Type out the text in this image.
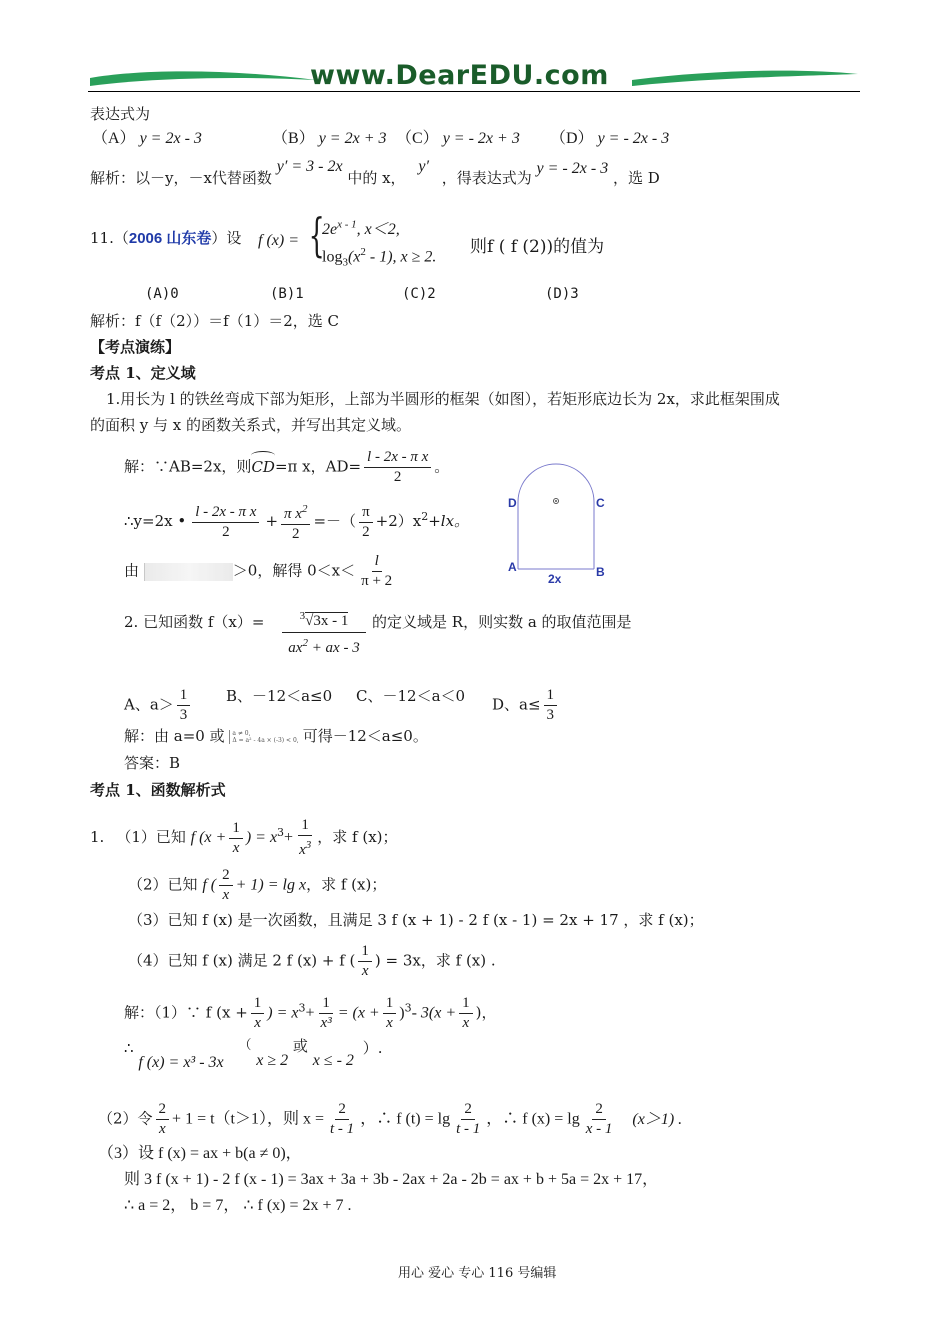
www.DearEDU.com
表达式为
（A） y = 2x - 3	（B） y = 2x + 3 （C） y = - 2x + 3 （D） y = - 2x - 3
解析：以－y，－x代替函数 y′ = 3 - 2x 中的 x， y′ ，得表达式为 y = - 2x - 3 ，选 D
11.（2006 山东卷）设 f (x) = {
$2e^{x - 1}$, x＜2,
$\log_3(x^2 - 1)$, x ≥ 2. 则f ( f (2))的值为
(A)0	(B)1	(C)2	(D)3
解析：f（f（2））＝f（1）＝2，选 C
【考点演练】
考点 1、定义域
1.用长为 l 的铁丝弯成下部为矩形，上部为半圆形的框架（如图），若矩形底边长为 2x，求此框架围成
的面积 y 与 x 的函数关系式，并写出其定义域。
解：∵AB=2x，则
CD=π x，$AD= \frac{\text{l - 2x - π x}}{2}$ 。
∴y=2x • $\frac{\text{l - 2x - π x}}{2} + \frac{\pi x^2}{2}$ =－（ $\frac{\pi}{2} +2)x^2+lx$。
由	＞0，解得 $0<x< \frac{l}{\pi + 2}$
D	C
A	B
2x
2. 已知函数 f（x）=	$^3$√3x - 1
$ax^2$ + ax - 3
的定义域是 R，则实数 a 的取值范围是
A、$a> \frac{1}{3}$ B、－12＜a≤0 C、－12＜a＜0 D、$a\le \frac{1}{3}$
解：由 a=0 或 a ≠ 0,
Δ = a² - 4a × (-3) < 0, 可得－12＜a≤0。
答案：B
考点 1、函数解析式
1. （1）已知 f ($x + \frac{1}{x}$ ) = $x^3+ \frac{1}{x^3}$ ，求 f (x)；
（2）已知 f ( $\frac{2}{x} + 1) = \lg x$，求 f (x)；
（3）已知 f (x) 是一次函数，且满足 3 f (x + 1) - 2 f (x - 1) = 2x + 17 ，求 f (x)；
（4）已知 f (x) 满足 2 f (x) + f ( $\frac{1}{x}$ ) = 3x，求 f (x) .
解：（1）∵ f ($x + \frac{1}{x}$ ) = $x^3+ \frac{1}{\text{x³}} = (x + \frac{1}{x} )^3-$ $3(x + \frac{1}{x}$ )，
∴ f (x) = x³ - 3x （ x ≥ 2 或 x ≤ - 2 ）.
（2）令 $\frac{2}{x} + 1 = t(t>1)$，则 $x = \frac{2}{t - 1}$ ，∴ f $(t) = \lg \frac{2}{t - 1}$ ，∴ f $(x) = \lg \frac{2}{x - 1} (x>1)$ .
（3）设 f (x) = ax + b(a ≠ 0)，
则 3 f (x + 1) - 2 f (x - 1) = 3ax + 3a + 3b - 2ax + 2a - 2b = ax + b + 5a = 2x + 17，
∴ a = 2， b = 7， ∴ f (x) = 2x + 7 .
用心 爱心 专心 116 号编辑
